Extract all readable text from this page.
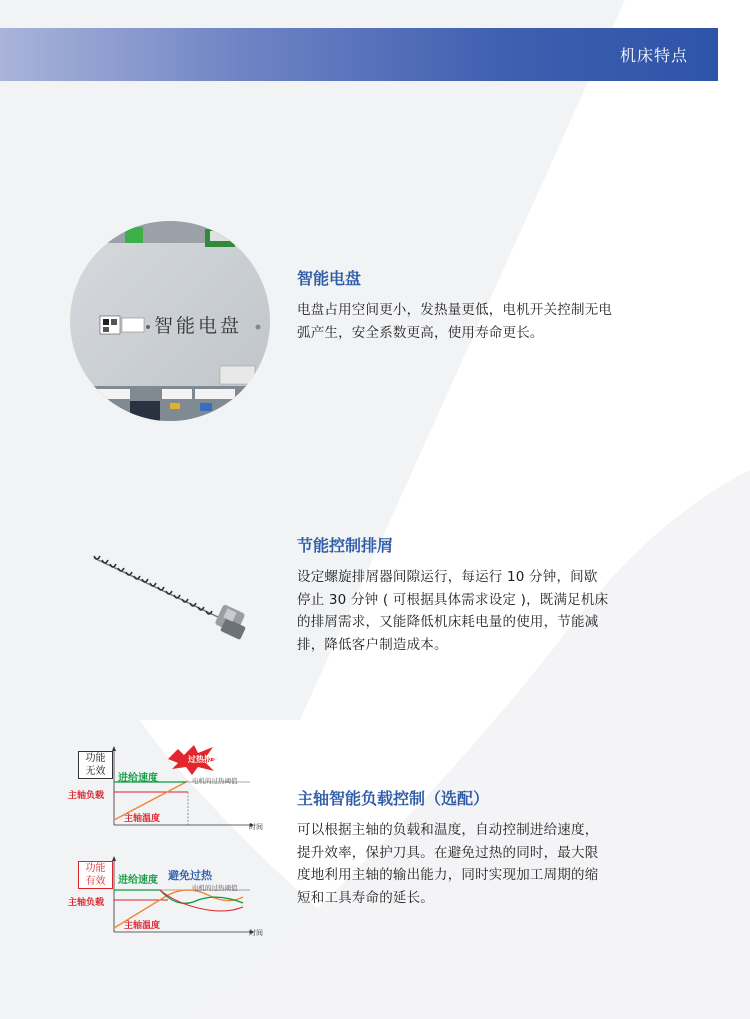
机床特点
智能电盘
智能电盘

电盘占用空间更小，发热量更低，电机开关控制无电弧产生，安全系数更高，使用寿命更长。

节能控制排屑

设定螺旋排屑器间隙运行，每运行 10 分钟，间歇停止 30 分钟 ( 可根据具体需求设定 )，既满足机床的排屑需求，又能降低机床耗电量的使用，节能减排，降低客户制造成本。

功能
无效
过热报警
进给速度	电机的过热阈值
主轴负载
主轴温度
时间
功能
有效	进给速度 避免过热
电机的过热阈值
主轴负载
主轴温度
时间
主轴智能负载控制（选配）

可以根据主轴的负载和温度，自动控制进给速度，提升效率，保护刀具。在避免过热的同时，最大限度地利用主轴的输出能力，同时实现加工周期的缩短和工具寿命的延长。
